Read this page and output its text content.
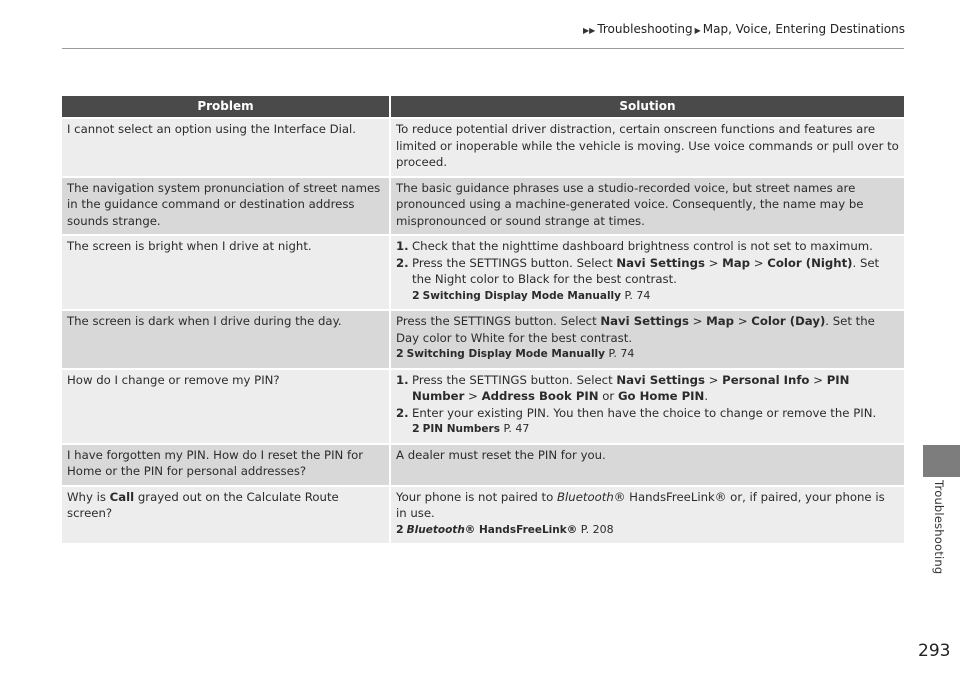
▶▶ Troubleshooting ▶ Map, Voice, Entering Destinations
Troubleshooting
Problem	Solution
I cannot select an option using the Interface Dial.	To reduce potential driver distraction, certain onscreen functions and features are limited or inoperable while the vehicle is moving. Use voice commands or pull over to proceed.
The navigation system pronunciation of street names in the guidance command or destination address sounds strange.	The basic guidance phrases use a studio-recorded voice, but street names are pronounced using a machine-generated voice. Consequently, the name may be mispronounced or sound strange at times.
The screen is bright when I drive at night.	1. Check that the nighttime dashboard brightness control is not set to maximum.
2. Press the SETTINGS button. Select Navi Settings > Map > Color (Night). Set the Night color to Black for the best contrast.
2 Switching Display Mode Manually P. 74

The screen is dark when I drive during the day.	Press the SETTINGS button. Select Navi Settings > Map > Color (Day). Set the Day color to White for the best contrast.
2 Switching Display Mode Manually P. 74

How do I change or remove my PIN?	1. Press the SETTINGS button. Select Navi Settings > Personal Info > PIN Number > Address Book PIN or Go Home PIN.
2. Enter your existing PIN. You then have the choice to change or remove the PIN.
2 PIN Numbers P. 47

I have forgotten my PIN. How do I reset the PIN for Home or the PIN for personal addresses?	A dealer must reset the PIN for you.
Why is Call grayed out on the Calculate Route screen?	Your phone is not paired to Bluetooth® HandsFreeLink® or, if paired, your phone is in use.
2 Bluetooth® HandsFreeLink® P. 208
293
